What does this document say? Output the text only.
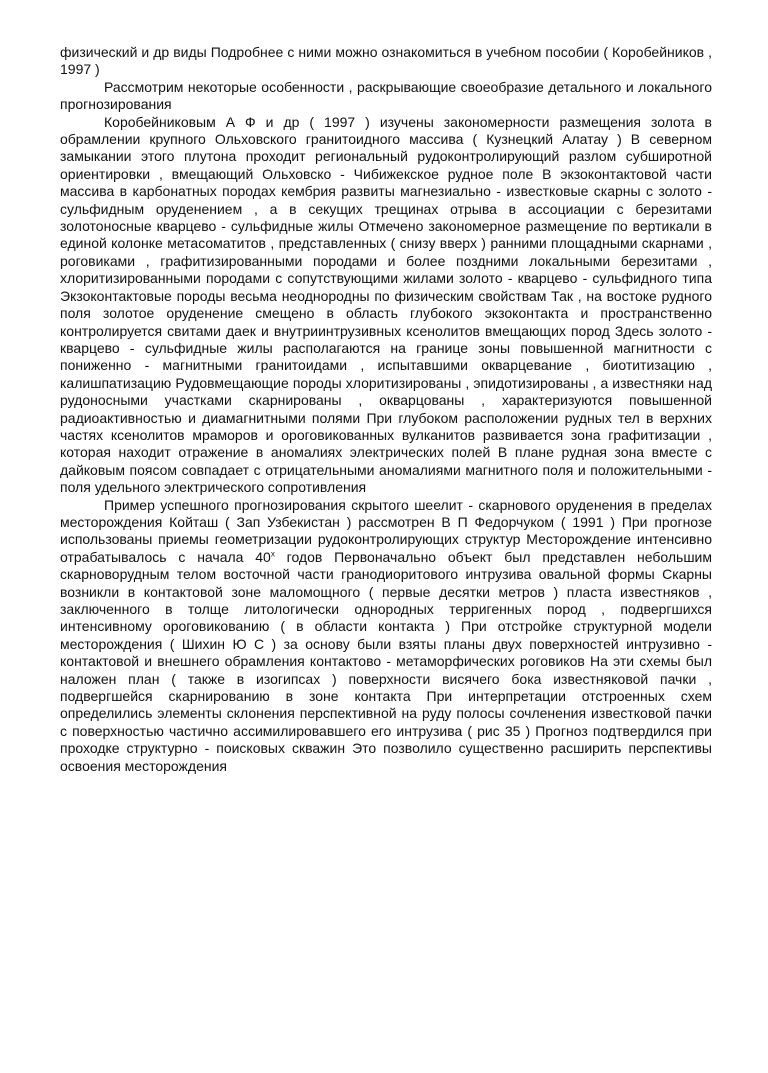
физический и др виды Подробнее с ними можно ознакомиться в учебном пособии ( Коробейников , 1997 )

Рассмотрим некоторые особенности , раскрывающие своеобразие детального и локального прогнозирования

Коробейниковым А Ф и др ( 1997 ) изучены закономерности размещения золота в обрамлении крупного Ольховского гранитоидного массива ( Кузнецкий Алатау ) В северном замыкании этого плутона проходит региональный рудоконтролирующий разлом субширотной ориентировки , вмещающий Ольховско - Чибижекское рудное поле В экзоконтактовой части массива в карбонатных породах кембрия развиты магнезиально - известковые скарны с золото - сульфидным оруденением , а в секущих трещинах отрыва в ассоциации с березитами золотоносные кварцево - сульфидные жилы Отмечено закономерное размещение по вертикали в единой колонке метасоматитов , представленных ( снизу вверх ) ранними площадными скарнами , роговиками , графитизированными породами и более поздними локальными березитами , хлоритизированными породами с сопутствующими жилами золото - кварцево - сульфидного типа Экзоконтактовые породы весьма неоднородны по физическим свойствам Так , на востоке рудного поля золотое оруденение смещено в область глубокого экзоконтакта и пространственно контролируется свитами даек и внутриинтрузивных ксенолитов вмещающих пород Здесь золото - кварцево - сульфидные жилы располагаются на границе зоны повышенной магнитности с пониженно - магнитными гранитоидами , испытавшими окварцевание , биотитизацию , калишпатизацию Рудовмещающие породы хлоритизированы , эпидотизированы , а известняки над рудоносными участками скарнированы , окварцованы , характеризуются повышенной радиоактивностью и диамагнитными полями При глубоком расположении рудных тел в верхних частях ксенолитов мраморов и ороговикованных вулканитов развивается зона графитизации , которая находит отражение в аномалиях электрических полей В плане рудная зона вместе с дайковым поясом совпадает с отрицательными аномалиями магнитного поля и положительными - поля удельного электрического сопротивления

Пример успешного прогнозирования скрытого шеелит - скарнового оруденения в пределах месторождения Койташ ( Зап Узбекистан ) рассмотрен В П Федорчуком ( 1991 ) При прогнозе использованы приемы геометризации рудоконтролирующих структур Месторождение интенсивно отрабатывалось с начала $40^х$ годов Первоначально объект был представлен небольшим скарноворудным телом восточной части гранодиоритового интрузива овальной формы Скарны возникли в контактовой зоне маломощного ( первые десятки метров ) пласта известняков , заключенного в толще литологически однородных терригенных пород , подвергшихся интенсивному ороговикованию ( в области контакта ) При отстройке структурной модели месторождения ( Шихин Ю С ) за основу были взяты планы двух поверхностей интрузивно - контактовой и внешнего обрамления контактово - метаморфических роговиков На эти схемы был наложен план ( также в изогипсах ) поверхности висячего бока известняковой пачки , подвергшейся скарнированию в зоне контакта При интерпретации отстроенных схем определились элементы склонения перспективной на руду полосы сочленения известковой пачки с поверхностью частично ассимилировавшего его интрузива ( рис 35 ) Прогноз подтвердился при проходке структурно - поисковых скважин Это позволило существенно расширить перспективы освоения месторождения
